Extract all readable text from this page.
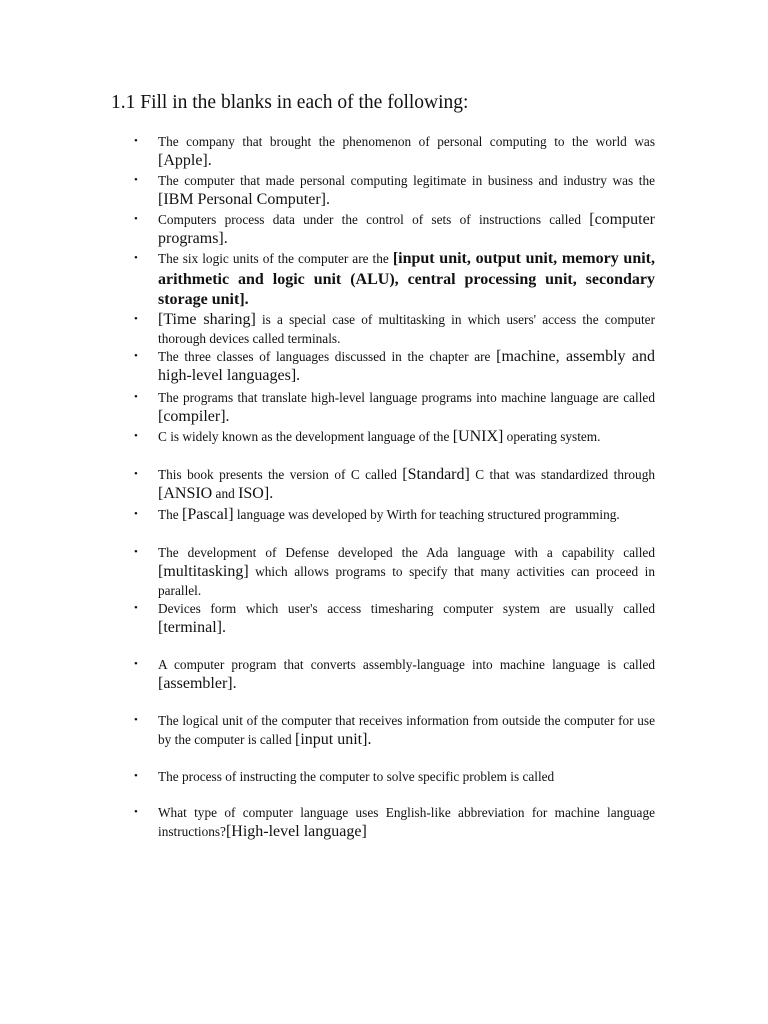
1.1 Fill in the blanks in each of the following:
• The company that brought the phenomenon of personal computing to the world was [Apple].
• The computer that made personal computing legitimate in business and industry was the [IBM Personal Computer].
• Computers process data under the control of sets of instructions called [computer programs].
• The six logic units of the computer are the [input unit, output unit, memory unit, arithmetic and logic unit (ALU), central processing unit, secondary storage unit].
• [Time sharing] is a special case of multitasking in which users' access the computer thorough devices called terminals.
• The three classes of languages discussed in the chapter are [machine, assembly and high-level languages].
• The programs that translate high-level language programs into machine language are called [compiler].
• C is widely known as the development language of the [UNIX] operating system.
• This book presents the version of C called [Standard] C that was standardized through [ANSIO and ISO].
• The [Pascal] language was developed by Wirth for teaching structured programming.
• The development of Defense developed the Ada language with a capability called [multitasking] which allows programs to specify that many activities can proceed in parallel.
• Devices form which user's access timesharing computer system are usually called [terminal].
• A computer program that converts assembly-language into machine language is called [assembler].
• The logical unit of the computer that receives information from outside the computer for use by the computer is called [input unit].
• The process of instructing the computer to solve specific problem is called
• What type of computer language uses English-like abbreviation for machine language instructions?[High-level language]
